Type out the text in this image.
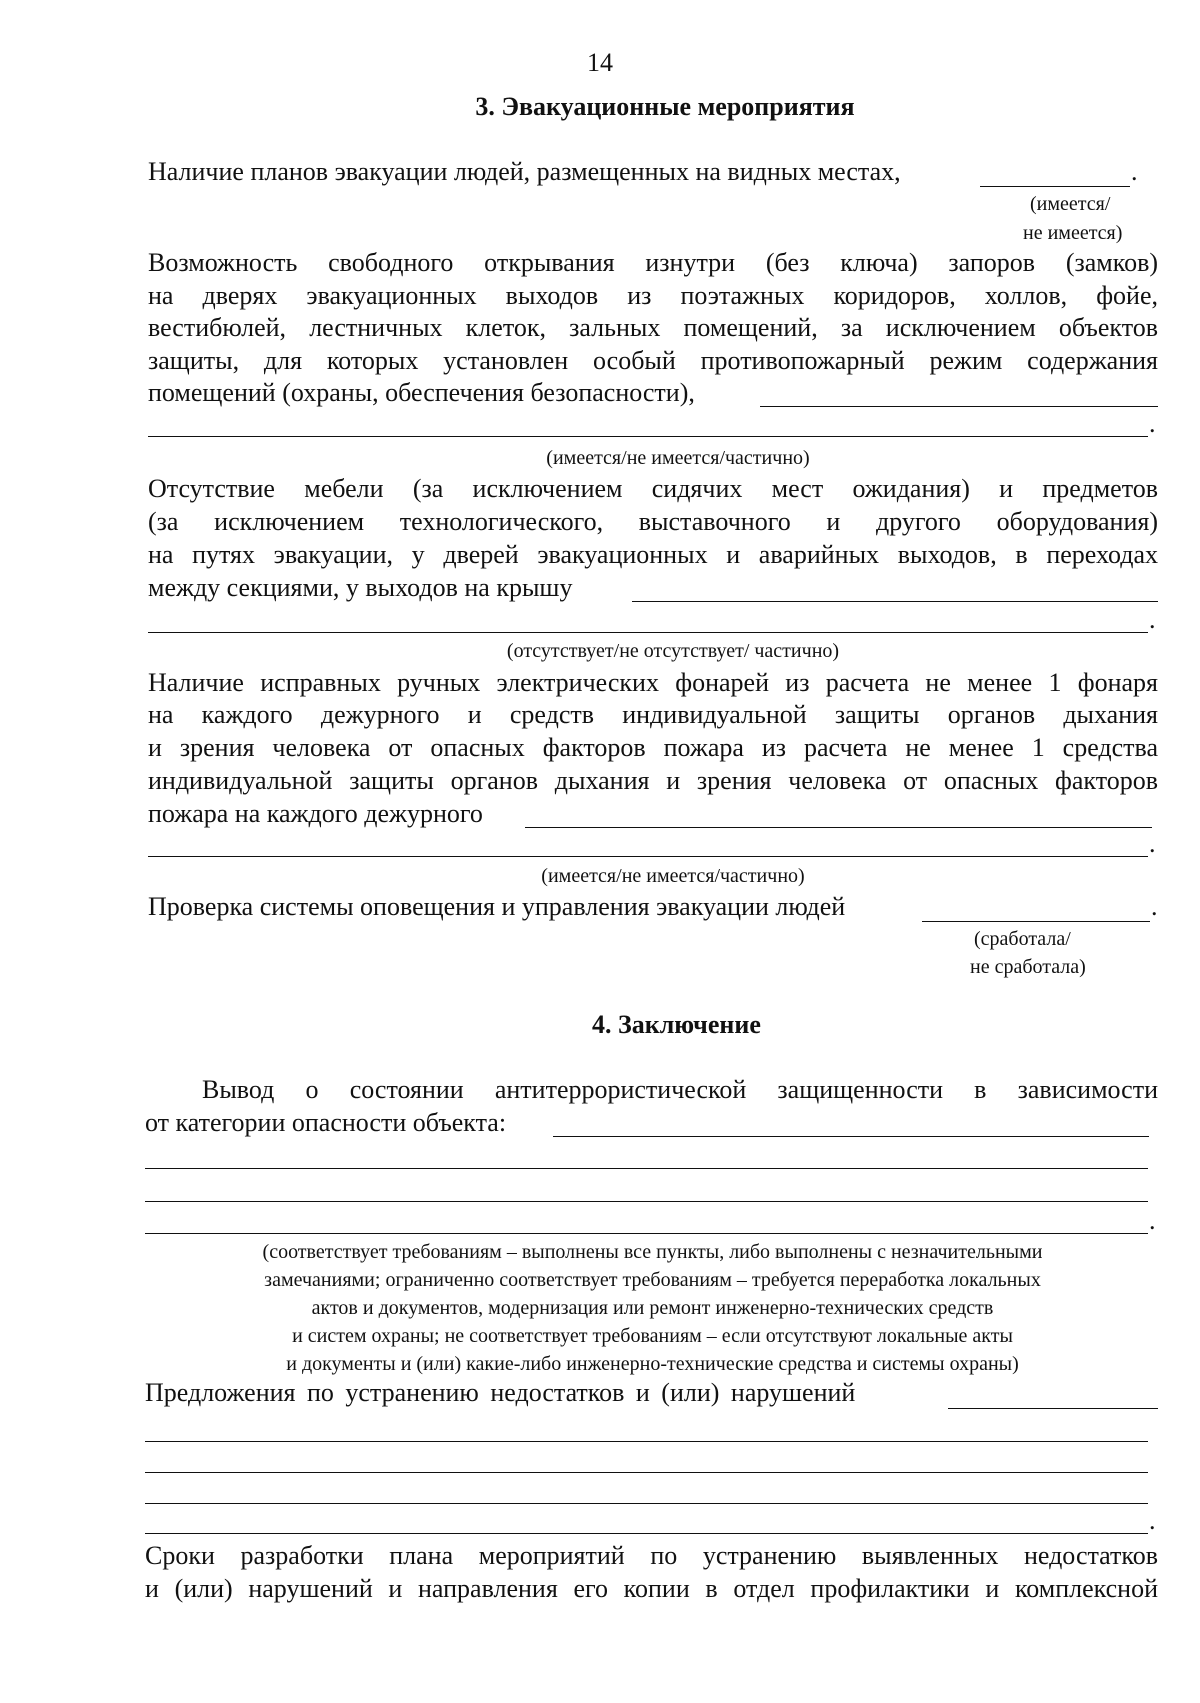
14
3. Эвакуационные мероприятия
Наличие планов эвакуации людей, размещенных на видных местах,	.
(имеется/
не имеется)
Возможность свободного открывания изнутри (без ключа) запоров (замков)
на дверях эвакуационных выходов из поэтажных коридоров, холлов, фойе,
вестибюлей, лестничных клеток, зальных помещений, за исключением объектов
защиты, для которых установлен особый противопожарный режим содержания
помещений (охраны, обеспечения безопасности),
.
(имеется/не имеется/частично)
Отсутствие мебели (за исключением сидячих мест ожидания) и предметов
(за исключением технологического, выставочного и другого оборудования)
на путях эвакуации, у дверей эвакуационных и аварийных выходов, в переходах
между секциями, у выходов на крышу
.
(отсутствует/не отсутствует/ частично)
Наличие исправных ручных электрических фонарей из расчета не менее 1 фонаря
на каждого дежурного и средств индивидуальной защиты органов дыхания
и зрения человека от опасных факторов пожара из расчета не менее 1 средства
индивидуальной защиты органов дыхания и зрения человека от опасных факторов
пожара на каждого дежурного
.
(имеется/не имеется/частично)
Проверка системы оповещения и управления эвакуации людей	.
(сработала/
не сработала)
4. Заключение
Вывод о состоянии антитеррористической защищенности в зависимости
от категории опасности объекта:
.
(соответствует требованиям – выполнены все пункты, либо выполнены с незначительными
замечаниями; ограниченно соответствует требованиям – требуется переработка локальных
актов и документов, модернизация или ремонт инженерно-технических средств
и систем охраны; не соответствует требованиям – если отсутствуют локальные акты
и документы и (или) какие-либо инженерно-технические средства и системы охраны)
Предложения по устранению недостатков и (или) нарушений
.
Сроки разработки плана мероприятий по устранению выявленных недостатков
и (или) нарушений и направления его копии в отдел профилактики и комплексной
